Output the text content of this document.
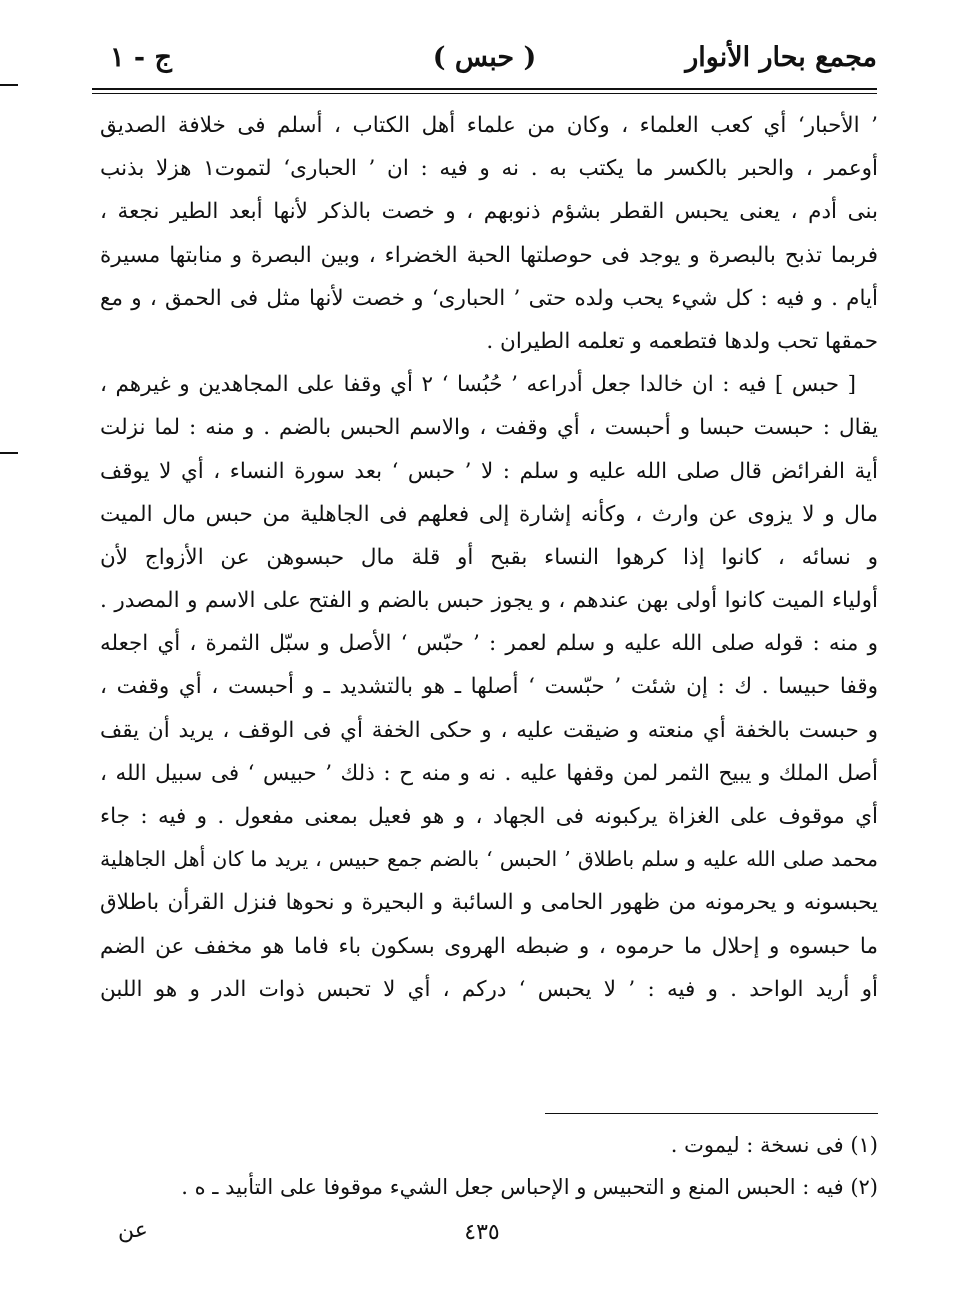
مجمع بحار الأنوار
( حبس )
ج - ١
’ الأحبار‘ أي كعب العلماء ، وكان من علماء أهل الكتاب ، أسلم فى خلافة الصديق
أوعمر ، والحبر بالكسر ما يكتب به . نه و فيه : ان ’ الحبارى‘ لتموت١ هزلا بذنب
بنى أدم ، يعنى يحبس القطر بشؤم ذنوبهم ، و خصت بالذكر لأنها أبعد الطير نجعة ،
فربما تذبح بالبصرة و يوجد فى حوصلتها الحبة الخضراء ، وبين البصرة و منابتها مسيرة
أيام . و فيه : كل شيء يحب ولده حتى ’ الحبارى‘ و خصت لأنها مثل فى الحمق ، و مع
حمقها تحب ولدها فتطعمه و تعلمه الطيران .
[ حبس ] فيه : ان خالدا جعل أدراعه ’ حُبُسا ‘ ٢ أي وقفا على المجاهدين و غيرهم ،
يقال : حبست حبسا و أحبست ، أي وقفت ، والاسم الحبس بالضم . و منه : لما نزلت
أية الفرائض قال صلى الله عليه و سلم : لا ’ حبس ‘ بعد سورة النساء ، أي لا يوقف
مال و لا يزوى عن وارث ، وكأنه إشارة إلى فعلهم فى الجاهلية من حبس مال الميت
و نسائه ، كانوا إذا كرهوا النساء بقبح أو قلة مال حبسوهن عن الأزواج لأن
أولياء الميت كانوا أولى بهن عندهم ، و يجوز حبس بالضم و الفتح على الاسم و المصدر .
و منه : قوله صلى الله عليه و سلم لعمر : ’ حبّس ‘ الأصل و سبّل الثمرة ، أي اجعله
وقفا حبيسا . ك : إن شئت ’ حبّست ‘ أصلها ـ هو بالتشديد ـ و أحبست ، أي وقفت ،
و حبست بالخفة أي منعته و ضيقت عليه ، و حكى الخفة أي فى الوقف ، يريد أن يقف
أصل الملك و يبيح الثمر لمن وقفها عليه . نه و منه ح : ذلك ’ حبيس ‘ فى سبيل الله ،
أي موقوف على الغزاة يركبونه فى الجهاد ، و هو فعيل بمعنى مفعول . و فيه : جاء
محمد صلى الله عليه و سلم باطلاق ’ الحبس ‘ بالضم جمع حبيس ، يريد ما كان أهل الجاهلية
يحبسونه و يحرمونه من ظهور الحامى و السائبة و البحيرة و نحوها فنزل القرأن باطلاق
ما حبسوه و إحلال ما حرموه ، و ضبطه الهروى بسكون باء فاما هو مخفف عن الضم
أو أريد الواحد . و فيه : ’ لا يحبس ‘ دركم ، أي لا تحبس ذوات الدر و هو اللبن
(١) فى نسخة : ليموت .
(٢) فيه : الحبس المنع و التحبيس و الإحباس جعل الشيء موقوفا على التأبيد ـ ه .
٤٣٥
عن
